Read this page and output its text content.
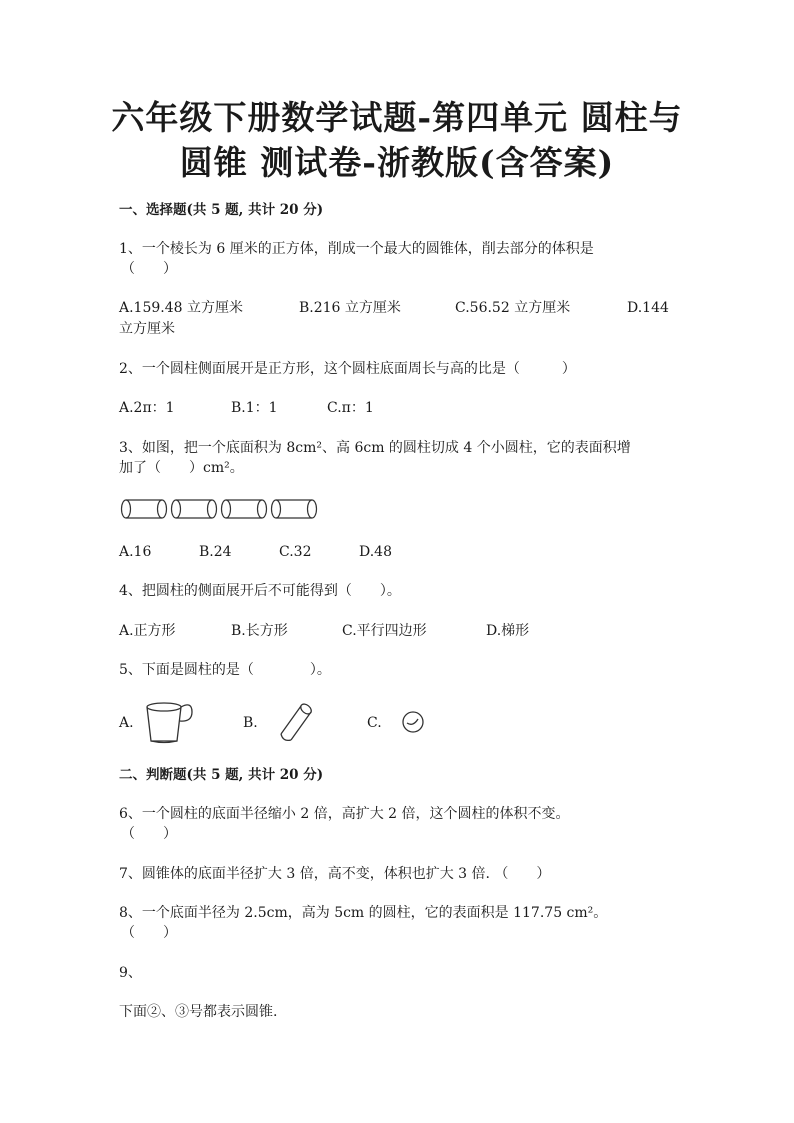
六年级下册数学试题-第四单元 圆柱与
圆锥 测试卷-浙教版(含答案)
一、选择题(共 5 题, 共计 20 分)
1、一个棱长为 6 厘米的正方体，削成一个最大的圆锥体，削去部分的体积是
（　　）
A.159.48 立方厘米	B.216 立方厘米	C.56.52 立方厘米	D.144
立方厘米
2、一个圆柱侧面展开是正方形，这个圆柱底面周长与高的比是（　　　）
A.2π：1	B.1：1	C.π：1
3、如图，把一个底面积为 8cm²、高 6cm 的圆柱切成 4 个小圆柱，它的表面积增
加了（　　）cm²。
A.16	B.24	C.32	D.48
4、把圆柱的侧面展开后不可能得到（　　）。
A.正方形	B.长方形	C.平行四边形	D.梯形
5、下面是圆柱的是（　　　　）。
A.	B.	C.
二、判断题(共 5 题, 共计 20 分)
6、一个圆柱的底面半径缩小 2 倍，高扩大 2 倍，这个圆柱的体积不变。
（　　）
7、圆锥体的底面半径扩大 3 倍，高不变，体积也扩大 3 倍. （　　）
8、一个底面半径为 2.5cm，高为 5cm 的圆柱，它的表面积是 117.75 cm²。
（　　）
9、
下面②、③号都表示圆锥.
